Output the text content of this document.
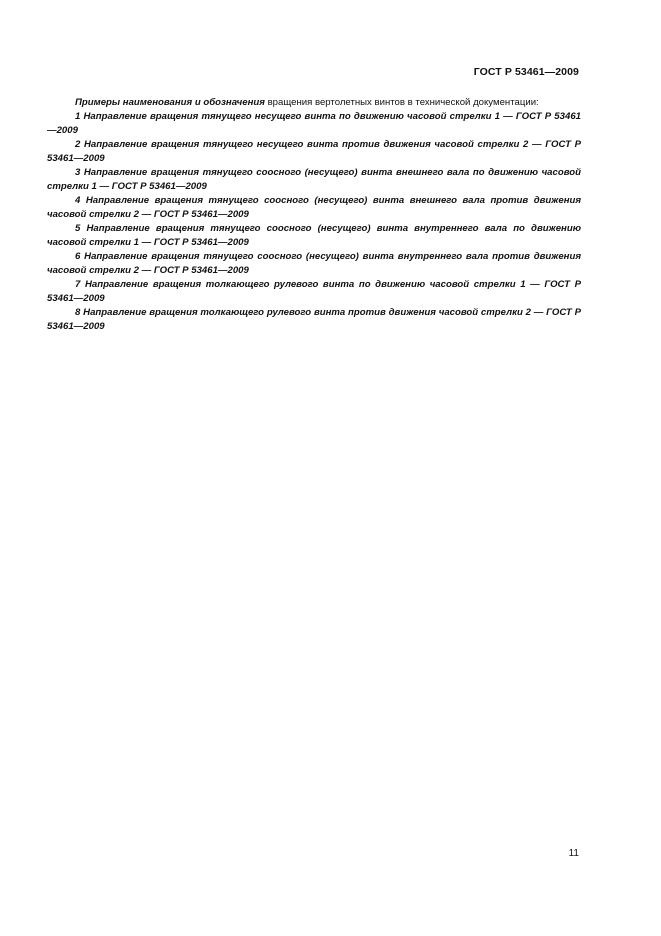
ГОСТ Р 53461—2009

Примеры наименования и обозначения вращения вертолетных винтов в технической документации:

1 Направление вращения тянущего несущего винта по движению часовой стрелки 1 — ГОСТ Р 53461—2009

2 Направление вращения тянущего несущего винта против движения часовой стрелки 2 — ГОСТ Р 53461—2009

3 Направление вращения тянущего соосного (несущего) винта внешнего вала по движению часовой стрелки 1 — ГОСТ Р 53461—2009

4 Направление вращения тянущего соосного (несущего) винта внешнего вала против движения часовой стрелки 2 — ГОСТ Р 53461—2009

5 Направление вращения тянущего соосного (несущего) винта внутреннего вала по движению часовой стрелки 1 — ГОСТ Р 53461—2009

6 Направление вращения тянущего соосного (несущего) винта внутреннего вала против движения часовой стрелки 2 — ГОСТ Р 53461—2009

7 Направление вращения толкающего рулевого винта по движению часовой стрелки 1 — ГОСТ Р 53461—2009

8 Направление вращения толкающего рулевого винта против движения часовой стрелки 2 — ГОСТ Р 53461—2009

11
